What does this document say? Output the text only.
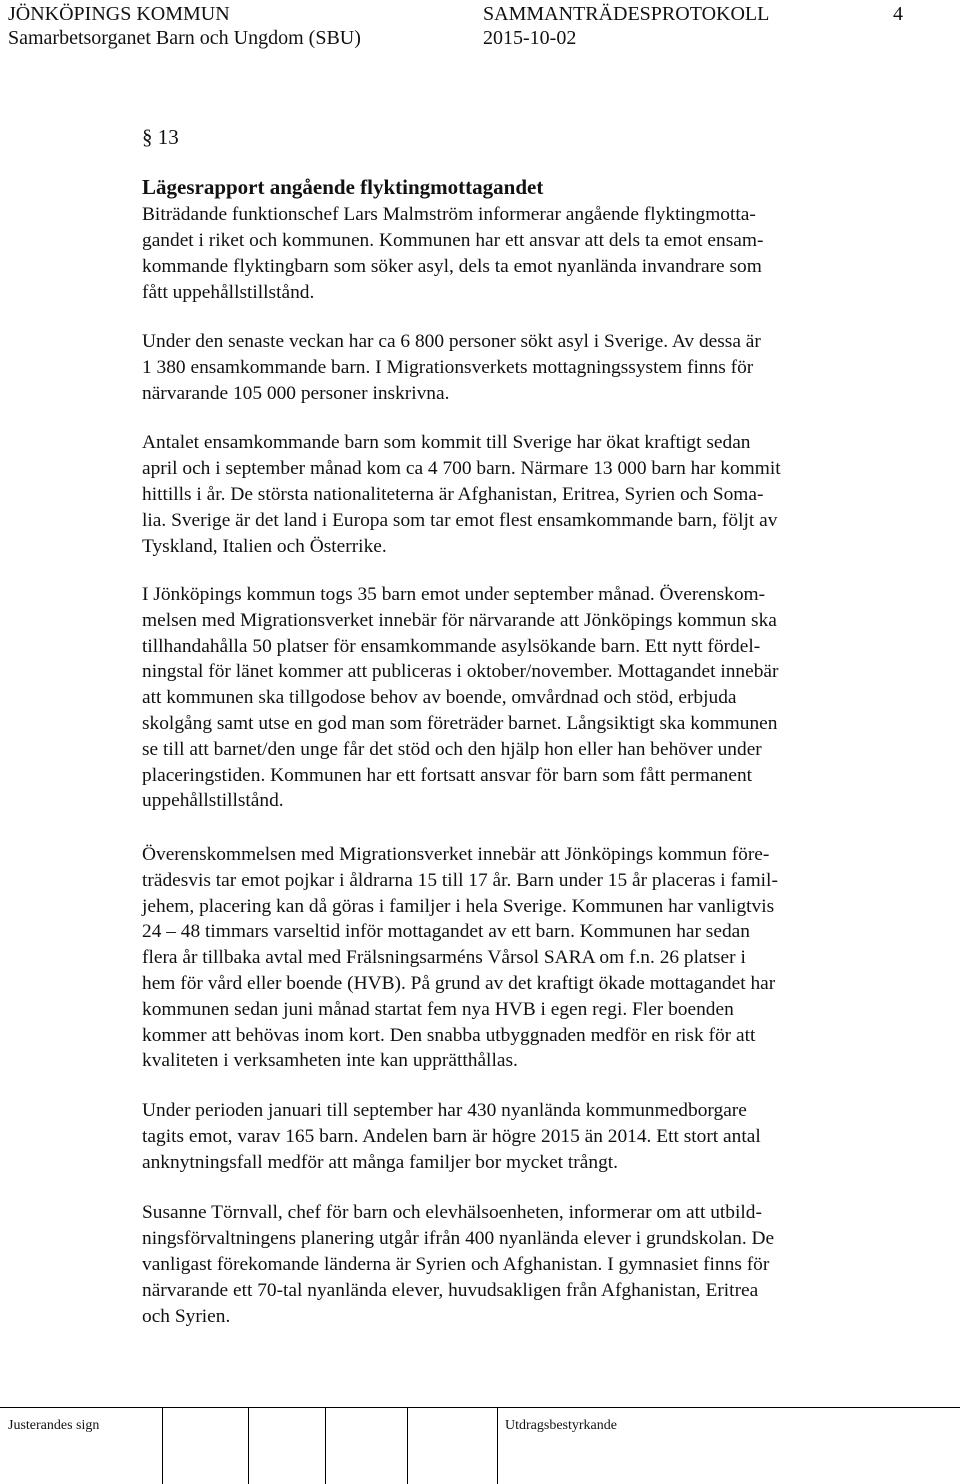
JÖNKÖPINGS KOMMUN	SAMMANTRÄDESPROTOKOLL	4
Samarbetsorganet Barn och Ungdom (SBU)	2015-10-02
§ 13
Lägesrapport angående flyktingmottagandet
Biträdande funktionschef Lars Malmström informerar angående flyktingmotta-
gandet i riket och kommunen. Kommunen har ett ansvar att dels ta emot ensam-
kommande flyktingbarn som söker asyl, dels ta emot nyanlända invandrare som
fått uppehållstillstånd.
Under den senaste veckan har ca 6 800 personer sökt asyl i Sverige. Av dessa är
1 380 ensamkommande barn. I Migrationsverkets mottagningssystem finns för
närvarande 105 000 personer inskrivna.
Antalet ensamkommande barn som kommit till Sverige har ökat kraftigt sedan
april och i september månad kom ca 4 700 barn. Närmare 13 000 barn har kommit
hittills i år. De största nationaliteterna är Afghanistan, Eritrea, Syrien och Soma-
lia. Sverige är det land i Europa som tar emot flest ensamkommande barn, följt av
Tyskland, Italien och Österrike.
I Jönköpings kommun togs 35 barn emot under september månad. Överenskom-
melsen med Migrationsverket innebär för närvarande att Jönköpings kommun ska
tillhandahålla 50 platser för ensamkommande asylsökande barn. Ett nytt fördel-
ningstal för länet kommer att publiceras i oktober/november. Mottagandet innebär
att kommunen ska tillgodose behov av boende, omvårdnad och stöd, erbjuda
skolgång samt utse en god man som företräder barnet. Långsiktigt ska kommunen
se till att barnet/den unge får det stöd och den hjälp hon eller han behöver under
placeringstiden. Kommunen har ett fortsatt ansvar för barn som fått permanent
uppehållstillstånd.
Överenskommelsen med Migrationsverket innebär att Jönköpings kommun före-
trädesvis tar emot pojkar i åldrarna 15 till 17 år. Barn under 15 år placeras i famil-
jehem, placering kan då göras i familjer i hela Sverige. Kommunen har vanligtvis
24 – 48 timmars varseltid inför mottagandet av ett barn. Kommunen har sedan
flera år tillbaka avtal med Frälsningsarméns Vårsol SARA om f.n. 26 platser i
hem för vård eller boende (HVB). På grund av det kraftigt ökade mottagandet har
kommunen sedan juni månad startat fem nya HVB i egen regi. Fler boenden
kommer att behövas inom kort. Den snabba utbyggnaden medför en risk för att
kvaliteten i verksamheten inte kan upprätthållas.
Under perioden januari till september har 430 nyanlända kommunmedborgare
tagits emot, varav 165 barn. Andelen barn är högre 2015 än 2014. Ett stort antal
anknytningsfall medför att många familjer bor mycket trångt.
Susanne Törnvall, chef för barn och elevhälsoenheten, informerar om att utbild-
ningsförvaltningens planering utgår ifrån 400 nyanlända elever i grundskolan. De
vanligast förekomande länderna är Syrien och Afghanistan. I gymnasiet finns för
närvarande ett 70-tal nyanlända elever, huvudsakligen från Afghanistan, Eritrea
och Syrien.
Justerandes sign	Utdragsbestyrkande
